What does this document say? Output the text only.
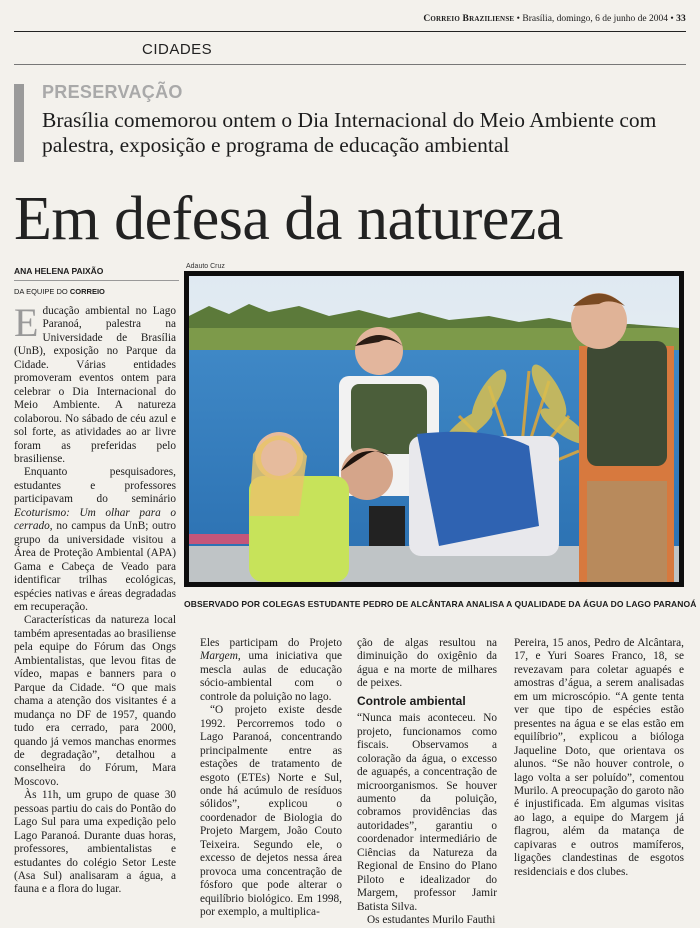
Correio Braziliense • Brasília, domingo, 6 de junho de 2004 • 33
CIDADES
PRESERVAÇÃO
Brasília comemorou ontem o Dia Internacional do Meio Ambiente com palestra, exposição e programa de educação ambiental
Em defesa da natureza
ANA HELENA PAIXÃO
DA EQUIPE DO CORREIO
Adauto Cruz
OBSERVADO POR COLEGAS ESTUDANTE PEDRO DE ALCÂNTARA ANALISA A QUALIDADE DA ÁGUA DO LAGO PARANOÁ

Educação ambiental no Lago Paranoá, palestra na Universidade de Brasília (UnB), exposição no Parque da Cidade. Várias entidades promoveram eventos ontem para celebrar o Dia Internacional do Meio Ambiente. A natureza colaborou. No sábado de céu azul e sol forte, as atividades ao ar livre foram as preferidas pelo brasiliense.

Enquanto pesquisadores, estudantes e professores participavam do seminário Ecoturismo: Um olhar para o cerrado, no campus da UnB; outro grupo da universidade visitou a Área de Proteção Ambiental (APA) Gama e Cabeça de Veado para identificar trilhas ecológicas, espécies nativas e áreas degradadas em recuperação.

Características da natureza local também apresentadas ao brasiliense pela equipe do Fórum das Ongs Ambientalistas, que levou fitas de vídeo, mapas e banners para o Parque da Cidade. “O que mais chama a atenção dos visitantes é a mudança no DF de 1957, quando tudo era cerrado, para 2000, quando já vemos manchas enormes de degradação”, detalhou a conselheira do Fórum, Mara Moscovo.

Às 11h, um grupo de quase 30 pessoas partiu do cais do Pontão do Lago Sul para uma expedição pelo Lago Paranoá. Durante duas horas, professores, ambientalistas e estudantes do colégio Setor Leste (Asa Sul) analisaram a água, a fauna e a flora do lugar.

Eles participam do Projeto Margem, uma iniciativa que mescla aulas de educação sócio-ambiental com o controle da poluição no lago.

“O projeto existe desde 1992. Percorremos todo o Lago Paranoá, concentrando principalmente entre as estações de tratamento de esgoto (ETEs) Norte e Sul, onde há acúmulo de resíduos sólidos”, explicou o coordenador de Biologia do Projeto Margem, João Couto Teixeira. Segundo ele, o excesso de dejetos nessa área provoca uma concentração de fósforo que pode alterar o equilíbrio biológico. Em 1998, por exemplo, a multiplica-

ção de algas resultou na diminuição do oxigênio da água e na morte de milhares de peixes.

Controle ambiental

“Nunca mais aconteceu. No projeto, funcionamos como fiscais. Observamos a coloração da água, o excesso de aguapés, a concentração de microorganismos. Se houver aumento da poluição, cobramos providências das autoridades”, garantiu o coordenador intermediário de Ciências da Natureza da Regional de Ensino do Plano Piloto e idealizador do Margem, professor Jamir Batista Silva.

Os estudantes Murilo Fauthi

Pereira, 15 anos, Pedro de Alcântara, 17, e Yuri Soares Franco, 18, se revezavam para coletar aguapés e amostras d’água, a serem analisadas em um microscópio. “A gente tenta ver que tipo de espécies estão presentes na água e se elas estão em equilíbrio”, explicou a bióloga Jaqueline Doto, que orientava os alunos. “Se não houver controle, o lago volta a ser poluído”, comentou Murilo. A preocupação do garoto não é injustificada. Em algumas visitas ao lago, a equipe do Margem já flagrou, além da matança de capivaras e outros mamíferos, ligações clandestinas de esgotos residenciais e dos clubes.
